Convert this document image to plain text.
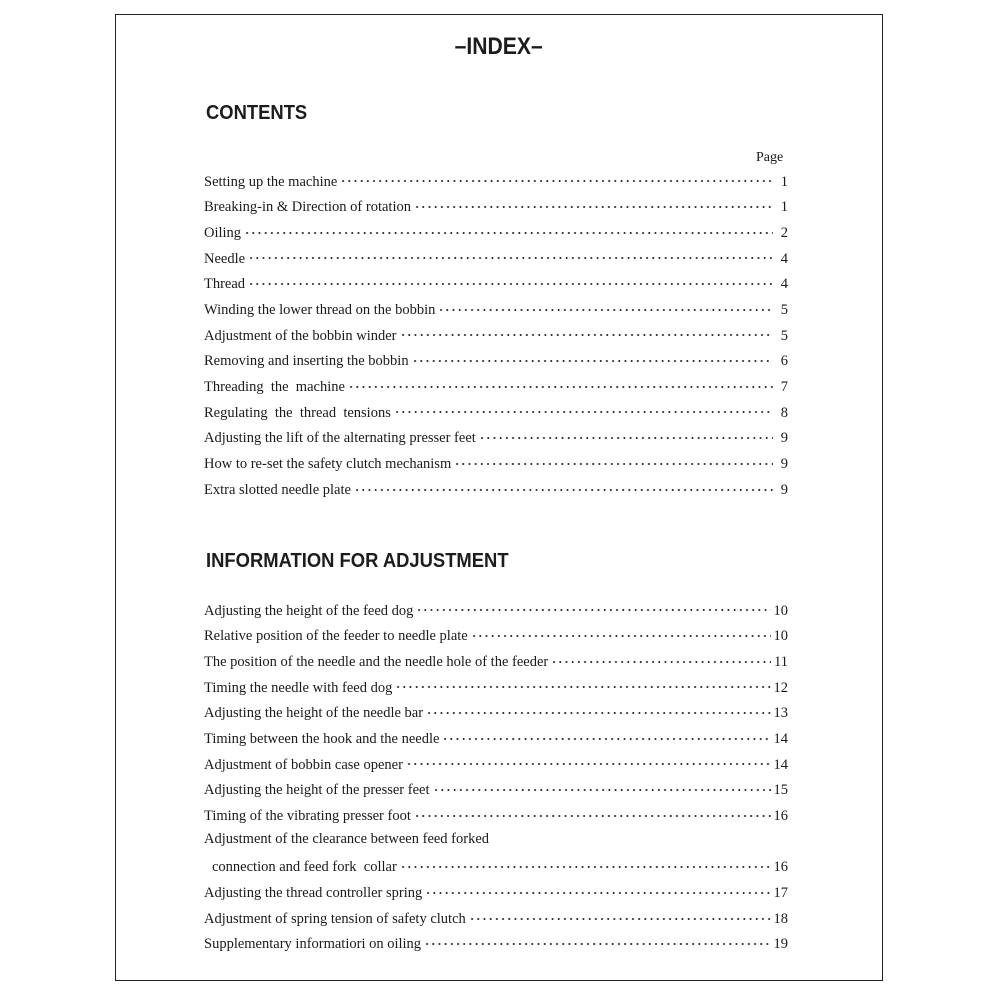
–INDEX–
CONTENTS
Page
Setting up the machine	1
Breaking-in & Direction of rotation	1
Oiling	2
Needle	4
Thread	4
Winding the lower thread on the bobbin	5
Adjustment of the bobbin winder	5
Removing and inserting the bobbin	6
Threading  the  machine	7
Regulating  the  thread  tensions	8
Adjusting the lift of the alternating presser feet	9
How to re-set the safety clutch mechanism	9
Extra slotted needle plate	9
INFORMATION FOR ADJUSTMENT
Adjusting the height of the feed dog	10
Relative position of the feeder to needle plate	10
The position of the needle and the needle hole of the feeder	11
Timing the needle with feed dog	12
Adjusting the height of the needle bar	13
Timing between the hook and the needle	14
Adjustment of bobbin case opener	14
Adjusting the height of the presser feet	15
Timing of the vibrating presser foot	16
Adjustment of the clearance between feed forked
connection and feed fork  collar	16
Adjusting the thread controller spring	17
Adjustment of spring tension of safety clutch	18
Supplementary informatiori on oiling	19
